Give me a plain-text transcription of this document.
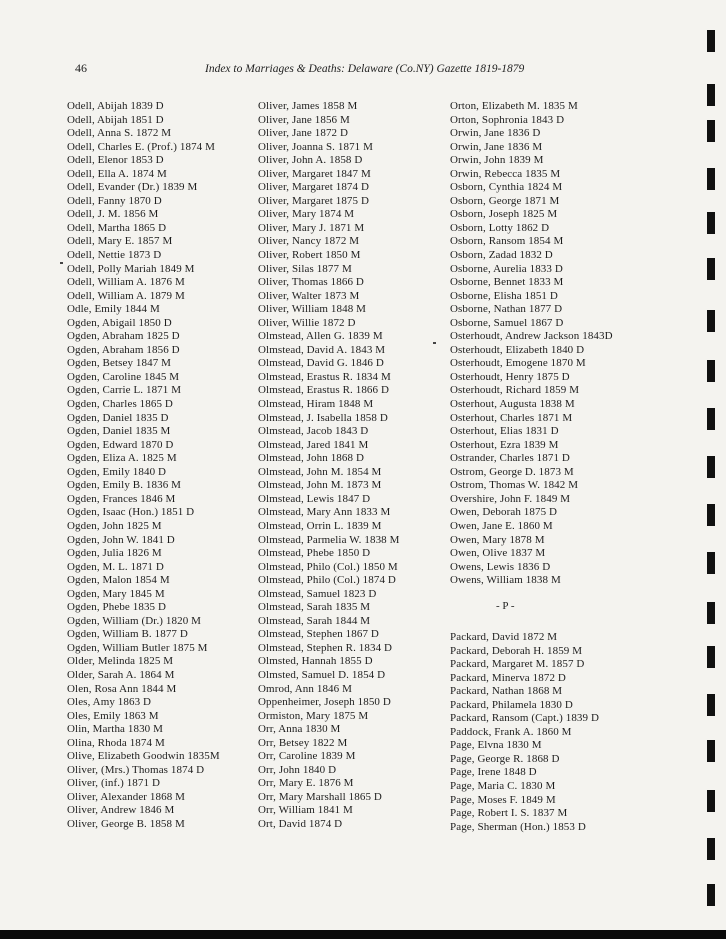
46	Index to Marriages & Deaths: Delaware (Co.NY) Gazette 1819-1879
Odell, Abijah 1839 D
Odell, Abijah 1851 D
Odell, Anna S. 1872 M
Odell, Charles E. (Prof.) 1874 M
Odell, Elenor 1853 D
Odell, Ella A. 1874 M
Odell, Evander (Dr.) 1839 M
Odell, Fanny 1870 D
Odell, J. M. 1856 M
Odell, Martha 1865 D
Odell, Mary E. 1857 M
Odell, Nettie 1873 D
Odell, Polly Mariah 1849 M
Odell, William A. 1876 M
Odell, William A. 1879 M
Odle, Emily 1844 M
Ogden, Abigail 1850 D
Ogden, Abraham 1825 D
Ogden, Abraham 1856 D
Ogden, Betsey 1847 M
Ogden, Caroline 1845 M
Ogden, Carrie L. 1871 M
Ogden, Charles 1865 D
Ogden, Daniel 1835 D
Ogden, Daniel 1835 M
Ogden, Edward 1870 D
Ogden, Eliza A. 1825 M
Ogden, Emily 1840 D
Ogden, Emily B. 1836 M
Ogden, Frances 1846 M
Ogden, Isaac (Hon.) 1851 D
Ogden, John 1825 M
Ogden, John W. 1841 D
Ogden, Julia 1826 M
Ogden, M. L. 1871 D
Ogden, Malon 1854 M
Ogden, Mary 1845 M
Ogden, Phebe 1835 D
Ogden, William (Dr.) 1820 M
Ogden, William B. 1877 D
Ogden, William Butler 1875 M
Older, Melinda 1825 M
Older, Sarah A. 1864 M
Olen, Rosa Ann 1844 M
Oles, Amy 1863 D
Oles, Emily 1863 M
Olin, Martha 1830 M
Olina, Rhoda 1874 M
Olive, Elizabeth Goodwin 1835M
Oliver, (Mrs.) Thomas 1874 D
Oliver, (inf.) 1871 D
Oliver, Alexander 1868 M
Oliver, Andrew 1846 M
Oliver, George B. 1858 M
Oliver, James 1858 M
Oliver, Jane 1856 M
Oliver, Jane 1872 D
Oliver, Joanna S. 1871 M
Oliver, John A. 1858 D
Oliver, Margaret 1847 M
Oliver, Margaret 1874 D
Oliver, Margaret 1875 D
Oliver, Mary 1874 M
Oliver, Mary J. 1871 M
Oliver, Nancy 1872 M
Oliver, Robert 1850 M
Oliver, Silas 1877 M
Oliver, Thomas 1866 D
Oliver, Walter 1873 M
Oliver, William 1848 M
Oliver, Willie 1872 D
Olmstead, Allen G. 1839 M
Olmstead, David A. 1843 M
Olmstead, David G. 1846 D
Olmstead, Erastus R. 1834 M
Olmstead, Erastus R. 1866 D
Olmstead, Hiram 1848 M
Olmstead, J. Isabella 1858 D
Olmstead, Jacob 1843 D
Olmstead, Jared 1841 M
Olmstead, John 1868 D
Olmstead, John M. 1854 M
Olmstead, John M. 1873 M
Olmstead, Lewis 1847 D
Olmstead, Mary Ann 1833 M
Olmstead, Orrin L. 1839 M
Olmstead, Parmelia W. 1838 M
Olmstead, Phebe 1850 D
Olmstead, Philo (Col.) 1850 M
Olmstead, Philo (Col.) 1874 D
Olmstead, Samuel 1823 D
Olmstead, Sarah 1835 M
Olmstead, Sarah 1844 M
Olmstead, Stephen 1867 D
Olmstead, Stephen R. 1834 D
Olmsted, Hannah 1855 D
Olmsted, Samuel D. 1854 D
Omrod, Ann 1846 M
Oppenheimer, Joseph 1850 D
Ormiston, Mary 1875 M
Orr, Anna 1830 M
Orr, Betsey 1822 M
Orr, Caroline 1839 M
Orr, John 1840 D
Orr, Mary E. 1876 M
Orr, Mary Marshall 1865 D
Orr, William 1841 M
Ort, David 1874 D
Orton, Elizabeth M. 1835 M
Orton, Sophronia 1843 D
Orwin, Jane 1836 D
Orwin, Jane 1836 M
Orwin, John 1839 M
Orwin, Rebecca 1835 M
Osborn, Cynthia 1824 M
Osborn, George 1871 M
Osborn, Joseph 1825 M
Osborn, Lotty 1862 D
Osborn, Ransom 1854 M
Osborn, Zadad 1832 D
Osborne, Aurelia 1833 D
Osborne, Bennet 1833 M
Osborne, Elisha 1851 D
Osborne, Nathan 1877 D
Osborne, Samuel 1867 D
Osterhoudt, Andrew Jackson 1843D
Osterhoudt, Elizabeth 1840 D
Osterhoudt, Emogene 1870 M
Osterhoudt, Henry 1875 D
Osterhoudt, Richard 1859 M
Osterhout, Augusta 1838 M
Osterhout, Charles 1871 M
Osterhout, Elias 1831 D
Osterhout, Ezra 1839 M
Ostrander, Charles 1871 D
Ostrom, George D. 1873 M
Ostrom, Thomas W. 1842 M
Overshire, John F. 1849 M
Owen, Deborah 1875 D
Owen, Jane E. 1860 M
Owen, Mary 1878 M
Owen, Olive 1837 M
Owens, Lewis 1836 D
Owens, William 1838 M
- P -
Packard, David 1872 M
Packard, Deborah H. 1859 M
Packard, Margaret M. 1857 D
Packard, Minerva 1872 D
Packard, Nathan 1868 M
Packard, Philamela 1830 D
Packard, Ransom (Capt.) 1839 D
Paddock, Frank A. 1860 M
Page, Elvna 1830 M
Page, George R. 1868 D
Page, Irene 1848 D
Page, Maria C. 1830 M
Page, Moses F. 1849 M
Page, Robert I. S. 1837 M
Page, Sherman (Hon.) 1853 D
